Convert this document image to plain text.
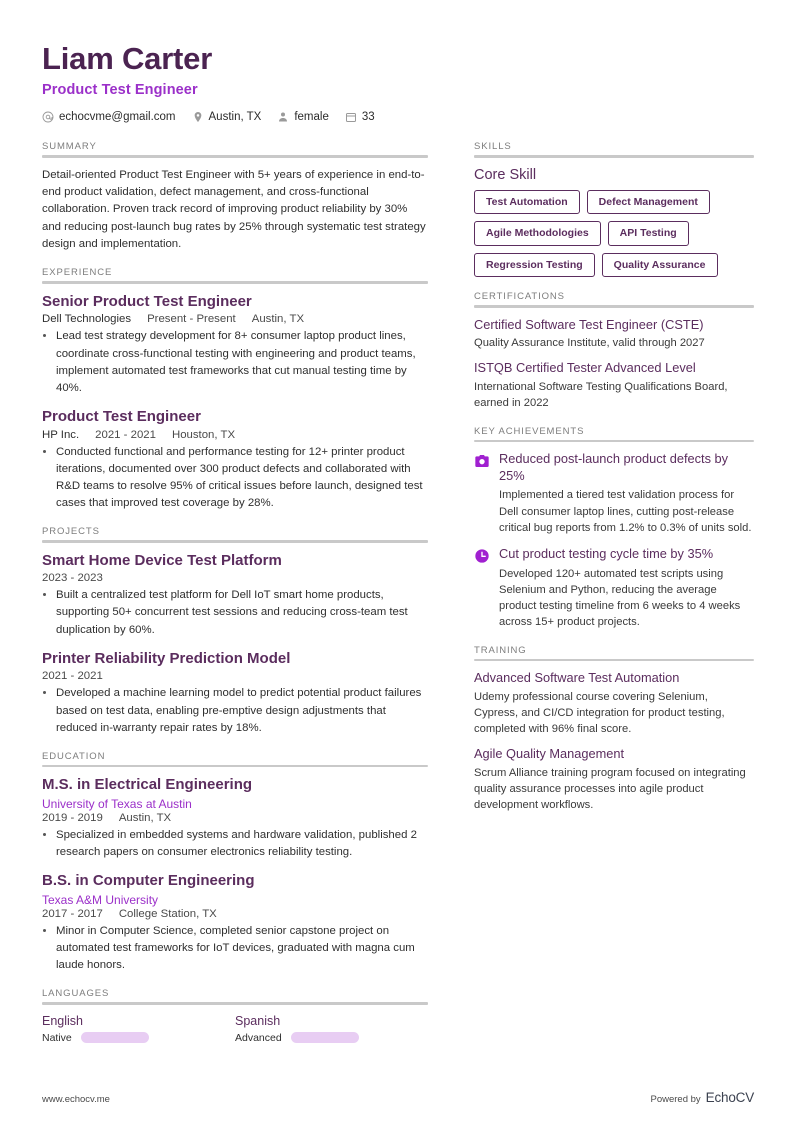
Liam Carter
Product Test Engineer
echocvme@gmail.com	Austin, TX	female	33
SUMMARY

Detail-oriented Product Test Engineer with 5+ years of experience in end-to-end product validation, defect management, and cross-functional collaboration. Proven track record of improving product reliability by 30% and reducing post-launch bug rates by 25% through systematic test strategy design and implementation.

EXPERIENCE
Senior Product Test Engineer
Dell Technologies Present - Present Austin, TX
• Lead test strategy development for 8+ consumer laptop product lines, coordinate cross-functional testing with engineering and product teams, implement automated test frameworks that cut manual testing time by 40%.
Product Test Engineer
HP Inc. 2021 - 2021 Houston, TX
• Conducted functional and performance testing for 12+ printer product iterations, documented over 300 product defects and collaborated with R&D teams to resolve 95% of critical issues before launch, designed test cases that improved test coverage by 28%.
PROJECTS
Smart Home Device Test Platform
2023 - 2023
• Built a centralized test platform for Dell IoT smart home products, supporting 50+ concurrent test sessions and reducing cross-team test duplication by 60%.
Printer Reliability Prediction Model
2021 - 2021
• Developed a machine learning model to predict potential product failures based on test data, enabling pre-emptive design adjustments that reduced in-warranty repair rates by 18%.
EDUCATION
M.S. in Electrical Engineering
University of Texas at Austin
2019 - 2019 Austin, TX
• Specialized in embedded systems and hardware validation, published 2 research papers on consumer electronics reliability testing.
B.S. in Computer Engineering
Texas A&M University
2017 - 2017 College Station, TX
• Minor in Computer Science, completed senior capstone project on automated test frameworks for IoT devices, graduated with magna cum laude honors.
LANGUAGES
English
Native
Spanish
Advanced
SKILLS
Core Skill
Test Automation	Defect Management
Agile Methodologies	API Testing
Regression Testing	Quality Assurance
CERTIFICATIONS
Certified Software Test Engineer (CSTE)

Quality Assurance Institute, valid through 2027

ISTQB Certified Tester Advanced Level

International Software Testing Qualifications Board, earned in 2022

KEY ACHIEVEMENTS
Reduced post-launch product defects by 25%

Implemented a tiered test validation process for Dell consumer laptop lines, cutting post-release critical bug reports from 1.2% to 0.3% of units sold.

Cut product testing cycle time by 35%

Developed 120+ automated test scripts using Selenium and Python, reducing the average product testing timeline from 6 weeks to 4 weeks across 15+ product projects.

TRAINING
Advanced Software Test Automation

Udemy professional course covering Selenium, Cypress, and CI/CD integration for product testing, completed with 96% final score.

Agile Quality Management

Scrum Alliance training program focused on integrating quality assurance processes into agile product development workflows.

www.echocv.me	Powered by EchoCV
